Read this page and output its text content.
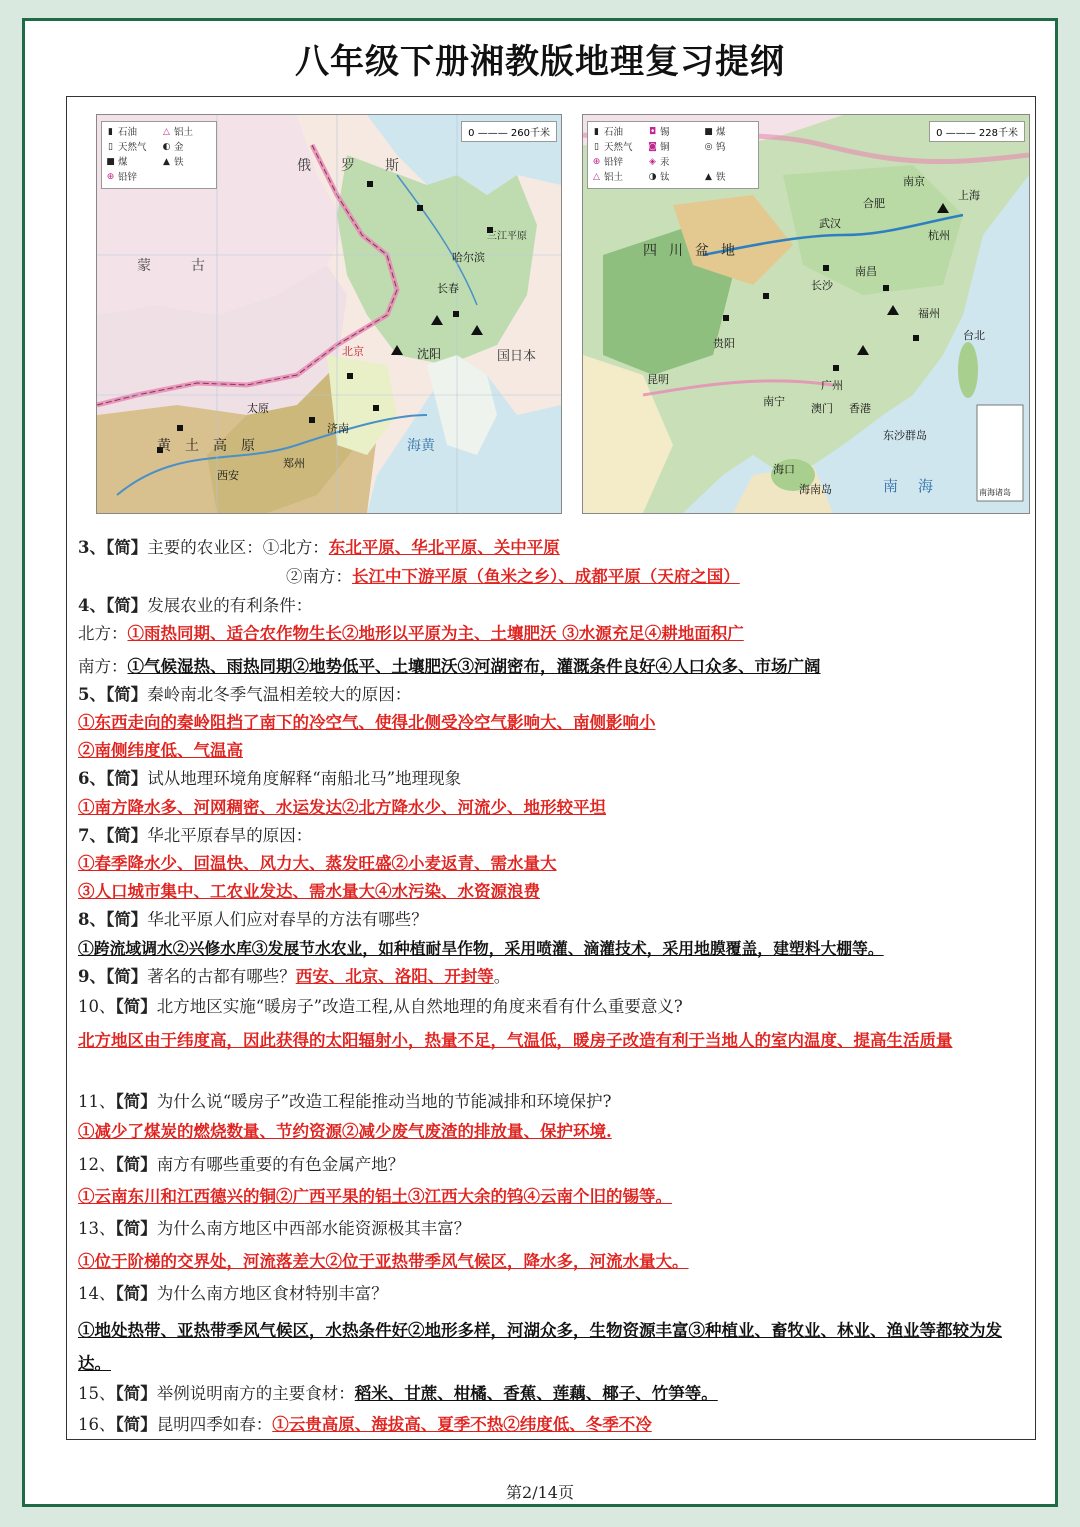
八年级下册湘教版地理复习提纲
▮ 石油	△ 铝土
▯ 天然气 ◐ 金
■ 煤	▲ 铁
⊕ 铅锌
0 ——— 260千米
俄罗斯
蒙古
沈阳
北京
哈尔滨
长春
太原
济南
郑州
西安
国日本
海黄
三江平原
黄土高原
▮ 石油	◘ 锡	■ 煤
▯ 天然气 ◙ 铜	◎ 钨
⊕ 铅锌	◈ 汞
△ 铝土	◑ 钛	▲ 铁
0 ——— 228千米
四川盆地
武汉
合肥
南京
上海
杭州
长沙
南昌
福州
台北
广州
香港
澳门
海口
海南岛
南宁
贵阳
昆明
东沙群岛
南海	南海诸岛
3、【简】主要的农业区：①北方：东北平原、华北平原、关中平原
②南方：长江中下游平原（鱼米之乡）、成都平原（天府之国）
4、【简】发展农业的有利条件：
北方：①雨热同期、适合农作物生长②地形以平原为主、土壤肥沃 ③水源充足④耕地面积广
南方：①气候湿热、雨热同期②地势低平、土壤肥沃③河湖密布，灌溉条件良好④人口众多、市场广阔
5、【简】秦岭南北冬季气温相差较大的原因：
①东西走向的秦岭阻挡了南下的冷空气、使得北侧受冷空气影响大、南侧影响小
②南侧纬度低、气温高
6、【简】试从地理环境角度解释“南船北马”地理现象
①南方降水多、河网稠密、水运发达②北方降水少、河流少、地形较平坦
7、【简】华北平原春旱的原因：
①春季降水少、回温快、风力大、蒸发旺盛②小麦返青、需水量大
③人口城市集中、工农业发达、需水量大④水污染、水资源浪费
8、【简】华北平原人们应对春旱的方法有哪些？
①跨流域调水②兴修水库③发展节水农业，如种植耐旱作物，采用喷灌、滴灌技术，采用地膜覆盖，建塑料大棚等。
9、【简】著名的古都有哪些？西安、北京、洛阳、开封等。
10、【简】北方地区实施“暖房子”改造工程,从自然地理的角度来看有什么重要意义?
北方地区由于纬度高，因此获得的太阳辐射小，热量不足，气温低，暖房子改造有利于当地人的室内温度、提高生活质量
11、【简】为什么说“暖房子”改造工程能推动当地的节能减排和环境保护?
①减少了煤炭的燃烧数量、节约资源②减少废气废渣的排放量、保护环境.
12、【简】南方有哪些重要的有色金属产地？
①云南东川和江西德兴的铜②广西平果的铝土③江西大余的钨④云南个旧的锡等。
13、【简】为什么南方地区中西部水能资源极其丰富？
①位于阶梯的交界处，河流落差大②位于亚热带季风气候区，降水多，河流水量大。
14、【简】为什么南方地区食材特别丰富？
①地处热带、亚热带季风气候区，水热条件好②地形多样，河湖众多，生物资源丰富③种植业、畜牧业、林业、渔业等都较为发达。
15、【简】举例说明南方的主要食材：稻米、甘蔗、柑橘、香蕉、莲藕、椰子、竹笋等。
16、【简】昆明四季如春：①云贵高原、海拔高、夏季不热②纬度低、冬季不冷
第2/14页
